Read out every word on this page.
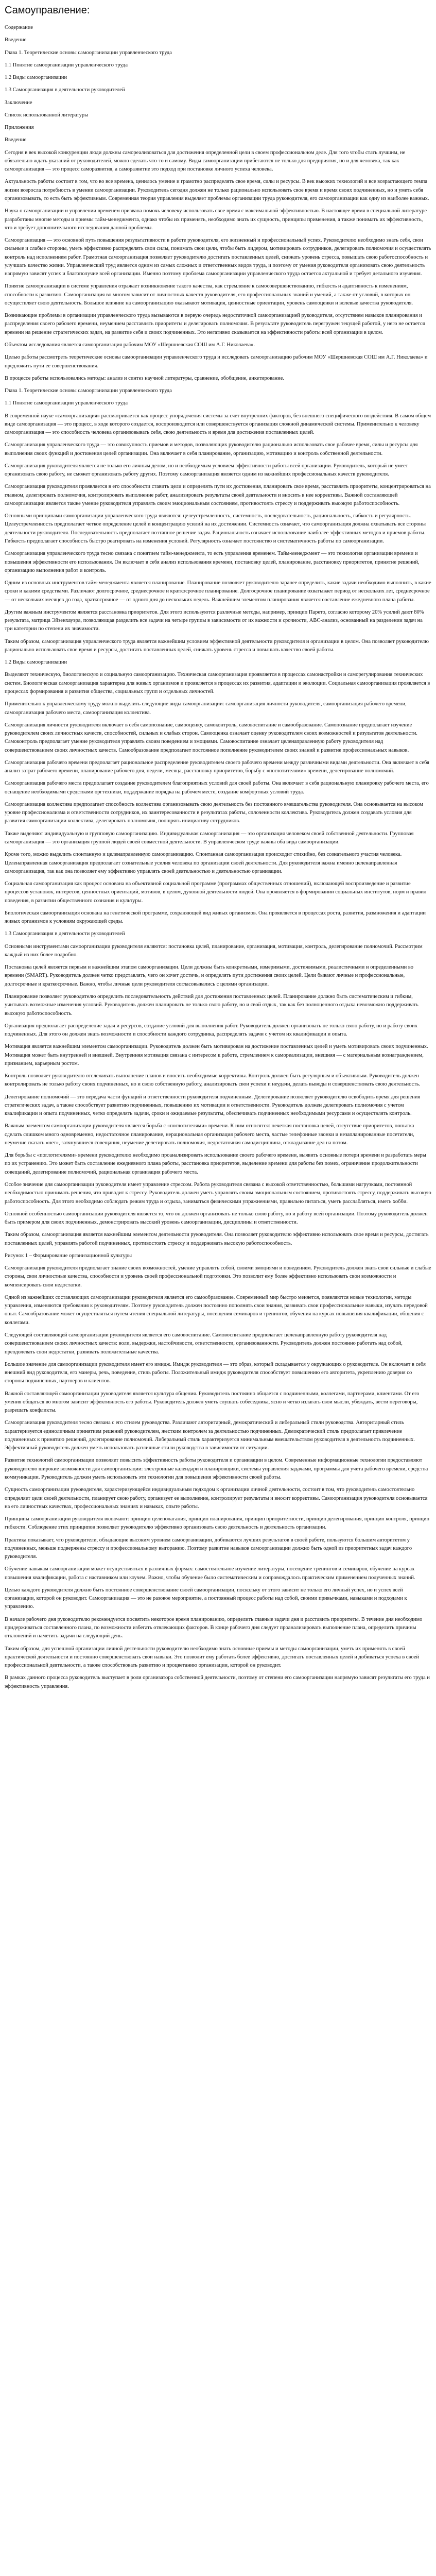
Самоуправление:

Содержание

Введение

Глава 1. Теоретические основы самоорганизации управленческого труда

1.1 Понятие самоорганизации управленческого труда

1.2 Виды самоорганизации

1.3 Самоорганизация в деятельности руководителей

Заключение

Список использованной литературы

Приложения

Введение

Сегодня в век высокой конкуренции люди должны самореализоваться для достижения определенной цели в своем профессиональном деле. Для того чтобы стать лучшим, не обязательно ждать указаний от руководителей, можно сделать что-то и самому. Виды самоорганизации прибегаются не только для предприятия, но и для человека, так как самоорганизация — это процесс саморазвития, а саморазвитие это подход при постановке личного успеха человека.

Актуальность работы состоит в том, что во все времена, ценилось умение и грамотно распределять свое время, силы и ресурсы. В век высоких технологий и все возрастающего темпа жизни возросла потребность в умении самоорганизации. Руководитель сегодня должен не только рационально использовать свое время и время своих подчиненных, но и уметь себя организовывать, то есть быть эффективным. Современная теория управления выделяет проблемы организации труда руководителя, его самоорганизации как одну из наиболее важных.

Наука о самоорганизации и управлении временем призвана помочь человеку использовать свое время с максимальной эффективностью. В настоящее время в специальной литературе разработаны многие методы и приемы тайм-менеджмента, однако чтобы их применять, необходимо знать их сущность, принципы применения, а также понимать их эффективность, что и требует дополнительного исследования данной проблемы.

Самоорганизация — это основной путь повышения результативности в работе руководителя, его жизненный и профессиональный успех. Руководителю необходимо знать себя, свои сильные и слабые стороны, уметь эффективно распределять свои силы, понимать свои цели, чтобы быть лидером, мотивировать сотрудников, делегировать полномочия и осуществлять контроль над исполнением работ. Грамотная самоорганизация позволяет руководителю достигать поставленных целей, снижать уровень стресса, повышать свою работоспособность и улучшать качество жизни. Управленческий труд является одним из самых сложных и ответственных видов труда, и поэтому от умения руководителя организовать свою деятельность напрямую зависят успех и благополучие всей организации. Именно поэтому проблема самоорганизации управленческого труда остается актуальной и требует детального изучения.

Понятие самоорганизации в системе управления отражает возникновение такого качества, как стремление к самосовершенствованию, гибкость и адаптивность к изменениям, способности к развитию. Самоорганизация во многом зависит от личностных качеств руководителя, его профессиональных знаний и умений, а также от условий, в которых он осуществляет свою деятельность. Большое влияние на самоорганизацию оказывают мотивация, ценностные ориентации, уровень самооценки и волевые качества руководителя.

Возникающие проблемы в организации управленческого труда вызываются в первую очередь недостаточной самоорганизацией руководителя, отсутствием навыков планирования и распределения своего рабочего времени, неумением расставлять приоритеты и делегировать полномочия. В результате руководитель перегружен текущей работой, у него не остается времени на решение стратегических задач, на развитие себя и своих подчиненных. Это негативно сказывается на эффективности работы всей организации в целом.

Объектом исследования является самоорганизация рабочим МОУ «Шершневская СОШ им А.Г. Николаева».

Целью работы рассмотреть теоретические основы самоорганизации управленческого труда и исследовать самоорганизацию рабочим МОУ «Шершневская СОШ им А.Г. Николаева» и предложить пути ее совершенствования.

В процессе работы использовались методы: анализ и синтез научной литературы, сравнение, обобщение, анкетирование.

Глава 1. Теоретические основы самоорганизации управленческого труда

1.1 Понятие самоорганизации управленческого труда

В современной науке «самоорганизация» рассматривается как процесс упорядочения системы за счет внутренних факторов, без внешнего специфического воздействия. В самом общем виде самоорганизация — это процесс, в ходе которого создается, воспроизводится или совершенствуется организация сложной динамической системы. Применительно к человеку самоорганизация — это способность человека организовывать себя, свою деятельность и время для достижения поставленных целей.

Самоорганизация управленческого труда — это совокупность приемов и методов, позволяющих руководителю рационально использовать свое рабочее время, силы и ресурсы для выполнения своих функций и достижения целей организации. Она включает в себя планирование, организацию, мотивацию и контроль собственной деятельности.

Самоорганизация руководителя является не только его личным делом, но и необходимым условием эффективности работы всей организации. Руководитель, который не умеет организовать свою работу, не сможет организовать работу других. Поэтому самоорганизация является одним из важнейших профессиональных качеств руководителя.

Самоорганизация руководителя проявляется в его способности ставить цели и определять пути их достижения, планировать свое время, расставлять приоритеты, концентрироваться на главном, делегировать полномочия, контролировать выполнение работ, анализировать результаты своей деятельности и вносить в нее коррективы. Важной составляющей самоорганизации является также умение руководителя управлять своим эмоциональным состоянием, противостоять стрессу и поддерживать высокую работоспособность.

Основными принципами самоорганизации управленческого труда являются: целеустремленность, системность, последовательность, рациональность, гибкость и регулярность. Целеустремленность предполагает четкое определение целей и концентрацию усилий на их достижении. Системность означает, что самоорганизация должна охватывать все стороны деятельности руководителя. Последовательность предполагает поэтапное решение задач. Рациональность означает использование наиболее эффективных методов и приемов работы. Гибкость предполагает способность быстро реагировать на изменения условий. Регулярность означает постоянство и систематичность работы по самоорганизации.

Самоорганизация управленческого труда тесно связана с понятием тайм-менеджмента, то есть управления временем. Тайм-менеджмент — это технология организации времени и повышения эффективности его использования. Он включает в себя анализ использования времени, постановку целей, планирование, расстановку приоритетов, принятие решений, организацию выполнения работ и контроль.

Одним из основных инструментов тайм-менеджмента является планирование. Планирование позволяет руководителю заранее определить, какие задачи необходимо выполнить, в какие сроки и какими средствами. Различают долгосрочное, среднесрочное и краткосрочное планирование. Долгосрочное планирование охватывает период от нескольких лет, среднесрочное — от нескольких месяцев до года, краткосрочное — от одного дня до нескольких недель. Важнейшим элементом планирования является составление ежедневного плана работы.

Другим важным инструментом является расстановка приоритетов. Для этого используются различные методы, например, принцип Парето, согласно которому 20% усилий дают 80% результата, матрица Эйзенхауэра, позволяющая разделить все задачи на четыре группы в зависимости от их важности и срочности, ABC-анализ, основанный на разделении задач на три категории по степени их значимости.

Таким образом, самоорганизация управленческого труда является важнейшим условием эффективной деятельности руководителя и организации в целом. Она позволяет руководителю рационально использовать свое время и ресурсы, достигать поставленных целей, снижать уровень стресса и повышать качество своей работы.

1.2 Виды самоорганизации

Выделяют техническую, биологическую и социальную самоорганизацию. Техническая самоорганизация проявляется в процессах самонастройки и саморегулирования технических систем. Биологическая самоорганизация характерна для живых организмов и проявляется в процессах их развития, адаптации и эволюции. Социальная самоорганизация проявляется в процессах формирования и развития общества, социальных групп и отдельных личностей.

Применительно к управленческому труду можно выделить следующие виды самоорганизации: самоорганизация личности руководителя, самоорганизация рабочего времени, самоорганизация рабочего места, самоорганизация коллектива.

Самоорганизация личности руководителя включает в себя самопознание, самооценку, самоконтроль, самовоспитание и самообразование. Самопознание предполагает изучение руководителем своих личностных качеств, способностей, сильных и слабых сторон. Самооценка означает оценку руководителем своих возможностей и результатов деятельности. Самоконтроль предполагает умение руководителя управлять своим поведением и эмоциями. Самовоспитание означает целенаправленную работу руководителя над совершенствованием своих личностных качеств. Самообразование предполагает постоянное пополнение руководителем своих знаний и развитие профессиональных навыков.

Самоорганизация рабочего времени предполагает рациональное распределение руководителем своего рабочего времени между различными видами деятельности. Она включает в себя анализ затрат рабочего времени, планирование рабочего дня, недели, месяца, расстановку приоритетов, борьбу с «поглотителями» времени, делегирование полномочий.

Самоорганизация рабочего места предполагает создание руководителем благоприятных условий для своей работы. Она включает в себя рациональную планировку рабочего места, его оснащение необходимыми средствами оргтехники, поддержание порядка на рабочем месте, создание комфортных условий труда.

Самоорганизация коллектива предполагает способность коллектива организовывать свою деятельность без постоянного вмешательства руководителя. Она основывается на высоком уровне профессионализма и ответственности сотрудников, их заинтересованности в результатах работы, сплоченности коллектива. Руководитель должен создавать условия для развития самоорганизации коллектива, делегировать полномочия, поощрять инициативу сотрудников.

Также выделяют индивидуальную и групповую самоорганизацию. Индивидуальная самоорганизация — это организация человеком своей собственной деятельности. Групповая самоорганизация — это организация группой людей своей совместной деятельности. В управленческом труде важны оба вида самоорганизации.

Кроме того, можно выделить спонтанную и целенаправленную самоорганизацию. Спонтанная самоорганизация происходит стихийно, без сознательного участия человека. Целенаправленная самоорганизация предполагает сознательные усилия человека по организации своей деятельности. Для руководителя важна именно целенаправленная самоорганизация, так как она позволяет ему эффективно управлять своей деятельностью и деятельностью организации.

Социальная самоорганизация как процесс основана на объективной социальной программе (программах общественных отношений), включающей воспроизведение и развитие процессов установок, интересов, ценностных ориентаций, мотивов, в целом, духовной деятельности людей. Она проявляется в формировании социальных институтов, норм и правил поведения, в развитии общественного сознания и культуры.

Биологическая самоорганизация основана на генетической программе, сохраняющей вид живых организмов. Она проявляется в процессах роста, развития, размножения и адаптации живых организмов к условиям окружающей среды.

1.3 Самоорганизация в деятельности руководителей

Основными инструментами самоорганизации руководителя являются: постановка целей, планирование, организация, мотивация, контроль, делегирование полномочий. Рассмотрим каждый из них более подробно.

Постановка целей является первым и важнейшим этапом самоорганизации. Цели должны быть конкретными, измеримыми, достижимыми, реалистичными и определенными во времени (SMART). Руководитель должен четко представлять, чего он хочет достичь, и определять пути достижения своих целей. Цели бывают личные и профессиональные, долгосрочные и краткосрочные. Важно, чтобы личные цели руководителя согласовывались с целями организации.

Планирование позволяет руководителю определить последовательность действий для достижения поставленных целей. Планирование должно быть систематическим и гибким, учитывать возможные изменения условий. Руководитель должен планировать не только свою работу, но и свой отдых, так как без полноценного отдыха невозможно поддерживать высокую работоспособность.

Организация предполагает распределение задач и ресурсов, создание условий для выполнения работ. Руководитель должен организовать не только свою работу, но и работу своих подчиненных. Для этого он должен знать возможности и способности каждого сотрудника, распределять задачи с учетом их квалификации и опыта.

Мотивация является важнейшим элементом самоорганизации. Руководитель должен быть мотивирован на достижение поставленных целей и уметь мотивировать своих подчиненных. Мотивация может быть внутренней и внешней. Внутренняя мотивация связана с интересом к работе, стремлением к самореализации, внешняя — с материальным вознаграждением, признанием, карьерным ростом.

Контроль позволяет руководителю отслеживать выполнение планов и вносить необходимые коррективы. Контроль должен быть регулярным и объективным. Руководитель должен контролировать не только работу своих подчиненных, но и свою собственную работу, анализировать свои успехи и неудачи, делать выводы и совершенствовать свою деятельность.

Делегирование полномочий — это передача части функций и ответственности руководителя подчиненным. Делегирование позволяет руководителю освободить время для решения стратегических задач, а также способствует развитию подчиненных, повышению их мотивации и ответственности. Руководитель должен делегировать полномочия с учетом квалификации и опыта подчиненных, четко определять задачи, сроки и ожидаемые результаты, обеспечивать подчиненных необходимыми ресурсами и осуществлять контроль.

Важным элементом самоорганизации руководителя является борьба с «поглотителями» времени. К ним относятся: нечеткая постановка целей, отсутствие приоритетов, попытка сделать слишком много одновременно, недостаточное планирование, нерациональная организация рабочего места, частые телефонные звонки и незапланированные посетители, неумение сказать «нет», затянувшиеся совещания, неумение делегировать полномочия, недостаточная самодисциплина, откладывание дел на потом.

Для борьбы с «поглотителями» времени руководителю необходимо проанализировать использование своего рабочего времени, выявить основные потери времени и разработать меры по их устранению. Это может быть составление ежедневного плана работы, расстановка приоритетов, выделение времени для работы без помех, ограничение продолжительности совещаний, делегирование полномочий, рациональная организация рабочего места.

Особое значение для самоорганизации руководителя имеет управление стрессом. Работа руководителя связана с высокой ответственностью, большими нагрузками, постоянной необходимостью принимать решения, что приводит к стрессу. Руководитель должен уметь управлять своим эмоциональным состоянием, противостоять стрессу, поддерживать высокую работоспособность. Для этого необходимо соблюдать режим труда и отдыха, заниматься физическими упражнениями, правильно питаться, уметь расслабляться, иметь хобби.

Основной особенностью самоорганизации руководителя является то, что он должен организовать не только свою работу, но и работу всей организации. Поэтому руководитель должен быть примером для своих подчиненных, демонстрировать высокий уровень самоорганизации, дисциплины и ответственности.

Таким образом, самоорганизация является важнейшим элементом деятельности руководителя. Она позволяет руководителю эффективно использовать свое время и ресурсы, достигать поставленных целей, управлять работой подчиненных, противостоять стрессу и поддерживать высокую работоспособность.

Рисунок 1 – Формирование организационной культуры

Самоорганизация руководителя предполагает знание своих возможностей, умение управлять собой, своими эмоциями и поведением. Руководитель должен знать свои сильные и слабые стороны, свои личностные качества, способности и уровень своей профессиональной подготовки. Это позволит ему более эффективно использовать свои возможности и компенсировать свои недостатки.

Одной из важнейших составляющих самоорганизации руководителя является его самообразование. Современный мир быстро меняется, появляются новые технологии, методы управления, изменяются требования к руководителям. Поэтому руководитель должен постоянно пополнять свои знания, развивать свои профессиональные навыки, изучать передовой опыт. Самообразование может осуществляться путем чтения специальной литературы, посещения семинаров и тренингов, обучения на курсах повышения квалификации, общения с коллегами.

Следующей составляющей самоорганизации руководителя является его самовоспитание. Самовоспитание предполагает целенаправленную работу руководителя над совершенствованием своих личностных качеств: воли, выдержки, настойчивости, ответственности, организованности. Руководитель должен постоянно работать над собой, преодолевать свои недостатки, развивать положительные качества.

Большое значение для самоорганизации руководителя имеет его имидж. Имидж руководителя — это образ, который складывается у окружающих о руководителе. Он включает в себя внешний вид руководителя, его манеры, речь, поведение, стиль работы. Положительный имидж руководителя способствует повышению его авторитета, укреплению доверия со стороны подчиненных, партнеров и клиентов.

Важной составляющей самоорганизации руководителя является культура общения. Руководитель постоянно общается с подчиненными, коллегами, партнерами, клиентами. От его умения общаться во многом зависит эффективность его работы. Руководитель должен уметь слушать собеседника, ясно и четко излагать свои мысли, убеждать, вести переговоры, разрешать конфликты.

Самоорганизация руководителя тесно связана с его стилем руководства. Различают авторитарный, демократический и либеральный стили руководства. Авторитарный стиль характеризуется единоличным принятием решений руководителем, жестким контролем за деятельностью подчиненных. Демократический стиль предполагает привлечение подчиненных к принятию решений, делегирование полномочий. Либеральный стиль характеризуется минимальным вмешательством руководителя в деятельность подчиненных. Эффективный руководитель должен уметь использовать различные стили руководства в зависимости от ситуации.

Развитие технологий самоорганизации позволяет повысить эффективность работы руководителя и организации в целом. Современные информационные технологии предоставляют руководителю широкие возможности для самоорганизации: электронные календари и планировщики, системы управления задачами, программы для учета рабочего времени, средства коммуникации. Руководитель должен уметь использовать эти технологии для повышения эффективности своей работы.

Сущность самоорганизации руководителя, характеризующейся индивидуальным подходом к организации личной деятельности, состоит в том, что руководитель самостоятельно определяет цели своей деятельности, планирует свою работу, организует ее выполнение, контролирует результаты и вносит коррективы. Самоорганизация руководителя основывается на его личностных качествах, профессиональных знаниях и навыках, опыте работы.

Принципы самоорганизации руководителя включают: принцип целеполагания, принцип планирования, принцип приоритетности, принцип делегирования, принцип контроля, принцип гибкости. Соблюдение этих принципов позволяет руководителю эффективно организовать свою деятельность и деятельность организации.

Практика показывает, что руководители, обладающие высоким уровнем самоорганизации, добиваются лучших результатов в своей работе, пользуются большим авторитетом у подчиненных, меньше подвержены стрессу и профессиональному выгоранию. Поэтому развитие навыков самоорганизации должно быть одной из приоритетных задач каждого руководителя.

Обучение навыкам самоорганизации может осуществляться в различных формах: самостоятельное изучение литературы, посещение тренингов и семинаров, обучение на курсах повышения квалификации, работа с наставником или коучем. Важно, чтобы обучение было систематическим и сопровождалось практическим применением полученных знаний.

Целью каждого руководителя должно быть постоянное совершенствование своей самоорганизации, поскольку от этого зависит не только его личный успех, но и успех всей организации, которой он руководит. Самоорганизация — это не разовое мероприятие, а постоянный процесс работы над собой, своими привычками, навыками и подходами к управлению.

В начале рабочего дня руководителю рекомендуется посвятить некоторое время планированию, определить главные задачи дня и расставить приоритеты. В течение дня необходимо придерживаться составленного плана, по возможности избегать отвлекающих факторов. В конце рабочего дня следует проанализировать выполнение плана, определить причины отклонений и наметить задачи на следующий день.

Таким образом, для успешной организации личной деятельности руководителю необходимо знать основные приемы и методы самоорганизации, уметь их применять в своей практической деятельности и постоянно совершенствовать свои навыки. Это позволит ему работать более эффективно, достигать поставленных целей и добиваться успеха в своей профессиональной деятельности, а также способствовать развитию и процветанию организации, которой он руководит.

В рамках данного процесса руководитель выступает в роли организатора собственной деятельности, поэтому от степени его самоорганизации напрямую зависят результаты его труда и эффективность управления.
